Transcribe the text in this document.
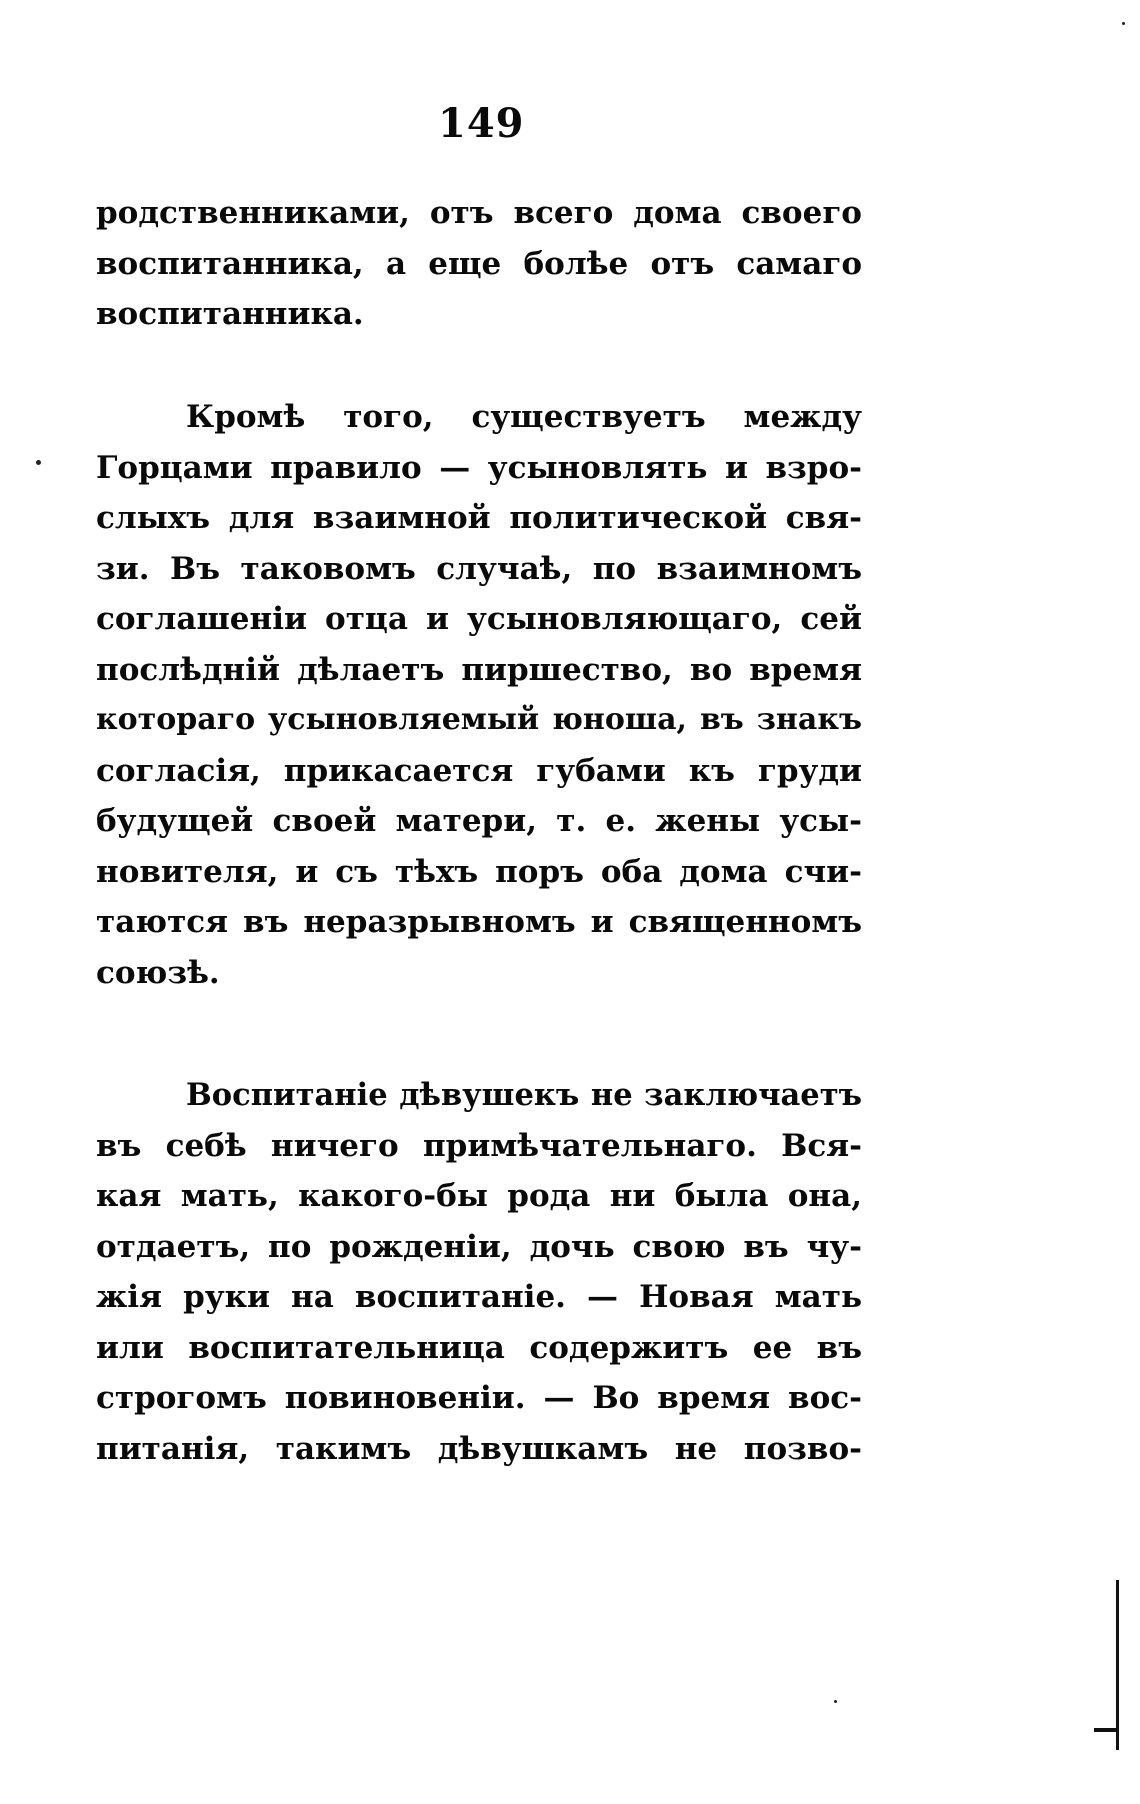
149
родственниками, отъ всего дома своего
воспитанника, а еще болѣе отъ самаго
воспитанника.
Кромѣ того, существуетъ между
Горцами правило — усыновлять и взро-
слыхъ для взаимной политической свя-
зи. Въ таковомъ случаѣ, по взаимномъ
соглашеніи отца и усыновляющаго, сей
послѣдній дѣлаетъ пиршество, во время
котораго усыновляемый юноша, въ знакъ
согласія, прикасается губами къ груди
будущей своей матери, т. е. жены усы-
новителя, и съ тѣхъ поръ оба дома счи-
таются въ неразрывномъ и священномъ
союзѣ.
Воспитаніе дѣвушекъ не заключаетъ
въ себѣ ничего примѣчательнаго. Вся-
кая мать, какого-бы рода ни была она,
отдаетъ, по рожденіи, дочь свою въ чу-
жія руки на воспитаніе. — Новая мать
или воспитательница содержитъ ее въ
строгомъ повиновеніи. — Во время вос-
питанія, такимъ дѣвушкамъ не позво-
